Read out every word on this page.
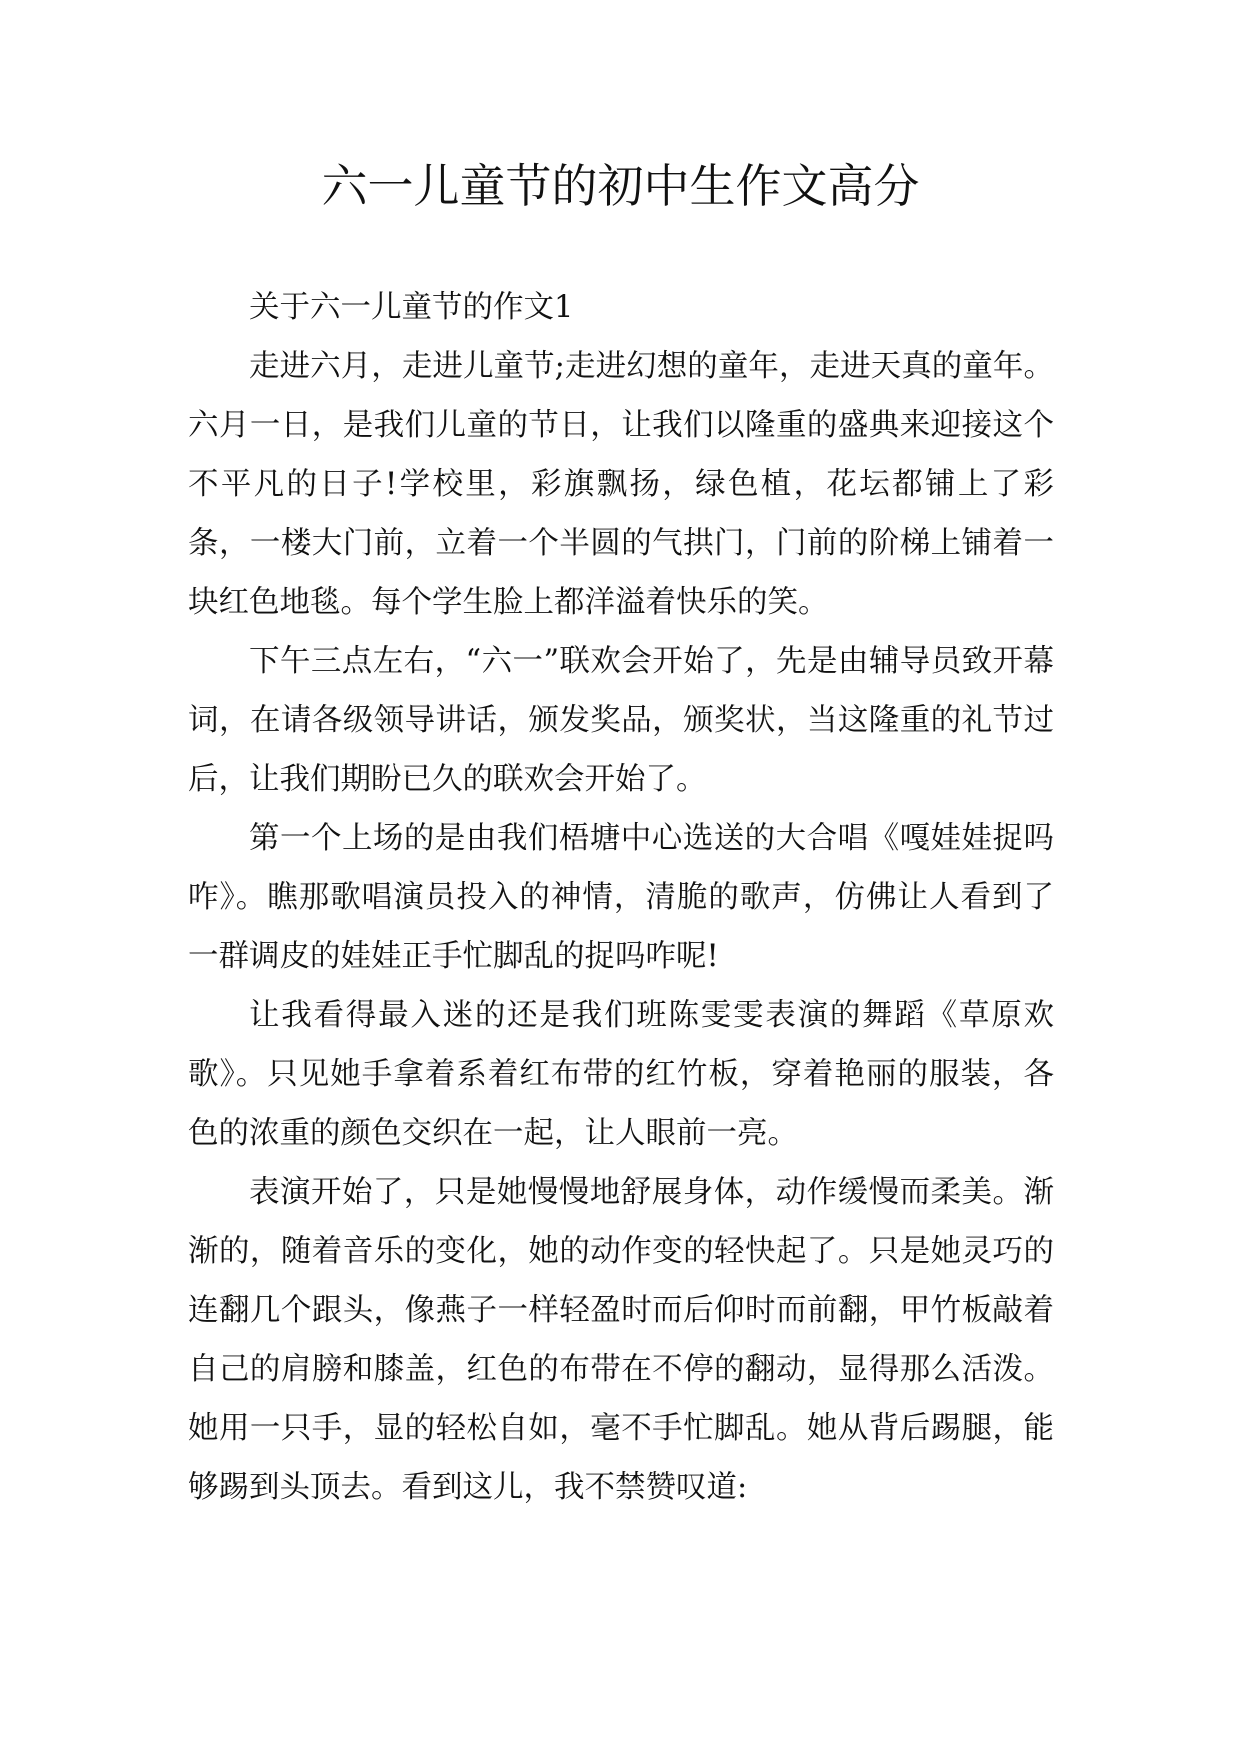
六一儿童节的初中生作文高分

关于六一儿童节的作文1

走进六月，走进儿童节;走进幻想的童年，走进天真的童年。六月一日，是我们儿童的节日，让我们以隆重的盛典来迎接这个不平凡的日子!学校里，彩旗飘扬，绿色植，花坛都铺上了彩条，一楼大门前，立着一个半圆的气拱门，门前的阶梯上铺着一块红色地毯。每个学生脸上都洋溢着快乐的笑。

下午三点左右，“六一”联欢会开始了，先是由辅导员致开幕词，在请各级领导讲话，颁发奖品，颁奖状，当这隆重的礼节过后，让我们期盼已久的联欢会开始了。

第一个上场的是由我们梧塘中心选送的大合唱《嘎娃娃捉吗咋》。瞧那歌唱演员投入的神情，清脆的歌声，仿佛让人看到了一群调皮的娃娃正手忙脚乱的捉吗咋呢!

让我看得最入迷的还是我们班陈雯雯表演的舞蹈《草原欢歌》。只见她手拿着系着红布带的红竹板，穿着艳丽的服装，各色的浓重的颜色交织在一起，让人眼前一亮。

表演开始了，只是她慢慢地舒展身体，动作缓慢而柔美。渐渐的，随着音乐的变化，她的动作变的轻快起了。只是她灵巧的连翻几个跟头，像燕子一样轻盈时而后仰时而前翻，甲竹板敲着自己的肩膀和膝盖，红色的布带在不停的翻动，显得那么活泼。她用一只手，显的轻松自如，毫不手忙脚乱。她从背后踢腿，能够踢到头顶去。看到这儿，我不禁赞叹道:
